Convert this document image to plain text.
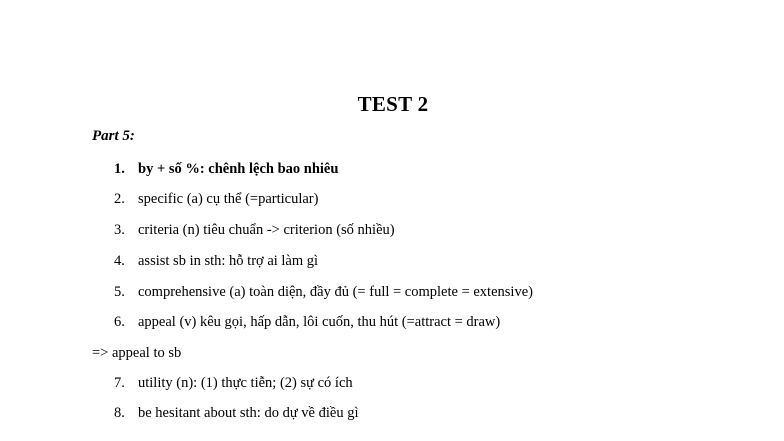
TEST 2
Part 5:
1. by + số %: chênh lệch bao nhiêu
2. specific (a) cụ thể (=particular)
3. criteria (n) tiêu chuẩn -> criterion (số nhiều)
4. assist sb in sth: hỗ trợ ai làm gì
5. comprehensive (a) toàn diện, đầy đủ (= full = complete = extensive)
6. appeal (v) kêu gọi, hấp dẫn, lôi cuốn, thu hút (=attract = draw)
=> appeal to sb
7. utility (n): (1) thực tiễn; (2) sự có ích
8. be hesitant about sth: do dự về điều gì
